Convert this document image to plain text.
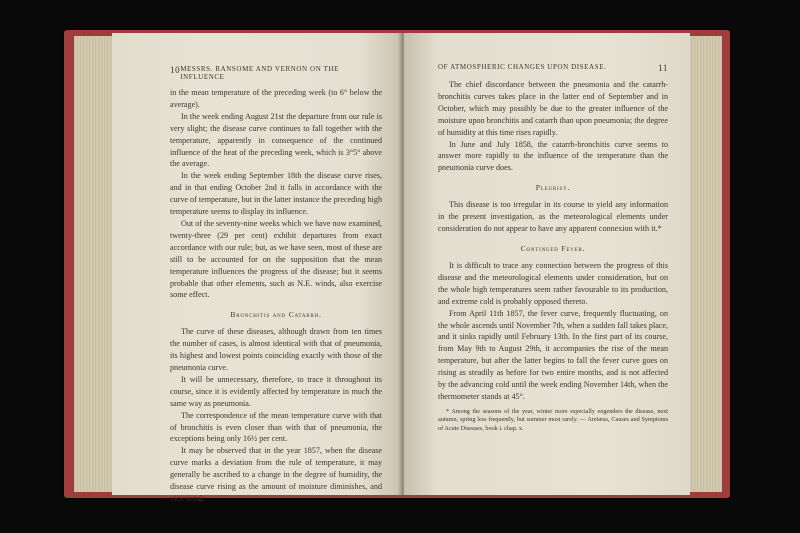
10 MESSRS. RANSOME AND VERNON ON THE INFLUENCE

in the mean temperature of the preceding week (to 6° below the average).

In the week ending August 21st the departure from our rule is very slight; the disease curve continues to fall together with the temperature, apparently in consequence of the continued influence of the heat of the preceding week, which is 3°5° above the average.

In the week ending September 18th the disease curve rises, and in that ending October 2nd it falls in accordance with the curve of temperature, but in the latter instance the preceding high temperature seems to display its influence.

Out of the seventy-nine weeks which we have now examined, twenty-three (29 per cent) exhibit departures from exact accordance with our rule; but, as we have seen, most of these are still to be accounted for on the supposition that the mean temperature influences the progress of the disease; but it seems probable that other elements, such as N.E. winds, also exercise some effect.

Bronchitis and Catarrh.

The curve of these diseases, although drawn from ten times the number of cases, is almost identical with that of pneumonia, its highest and lowest points coinciding exactly with those of the pneumonia curve.

It will be unnecessary, therefore, to trace it throughout its course, since it is evidently affected by temperature in much the same way as pneumonia.

The correspondence of the mean temperature curve with that of bronchitis is even closer than with that of pneumonia, the exceptions being only 16½ per cent.

It may be observed that in the year 1857, when the disease curve marks a deviation from the rule of temperature, it may generally be ascribed to a change in the degree of humidity, the disease curve rising as the amount of moisture diminishes, and vice versâ.

OF ATMOSPHERIC CHANGES UPON DISEASE.	11

The chief discordance between the pneumonia and the catarrh-bronchitis curves takes place in the latter end of September and in October, which may possibly be due to the greater influence of the moisture upon bronchitis and catarrh than upon pneumonia; the degree of humidity at this time rises rapidly.

In June and July 1858, the catarrh-bronchitis curve seems to answer more rapidly to the influence of the temperature than the pneumonia curve does.

Pleurisy.

This disease is too irregular in its course to yield any information in the present investigation, as the meteorological elements under consideration do not appear to have any apparent connexion with it.*

Continued Fever.

It is difficult to trace any connection between the progress of this disease and the meteorological elements under consideration, but on the whole high temperatures seem rather favourable to its production, and extreme cold is probably opposed thereto.

From April 11th 1857, the fever curve, frequently fluctuating, on the whole ascends until November 7th, when a sudden fall takes place, and it sinks rapidly until February 13th. In the first part of its course, from May 9th to August 29th, it accompanies the rise of the mean temperature, but after the latter begins to fall the fever curve goes on rising as steadily as before for two entire months, and is not affected by the advancing cold until the week ending November 14th, when the thermometer stands at 45°.

* Among the seasons of the year, winter more especially engenders the disease, next autumn, spring less frequently, but summer most rarely. — Aretæus, Causes and Symptoms of Acute Diseases, book i. chap. x.
